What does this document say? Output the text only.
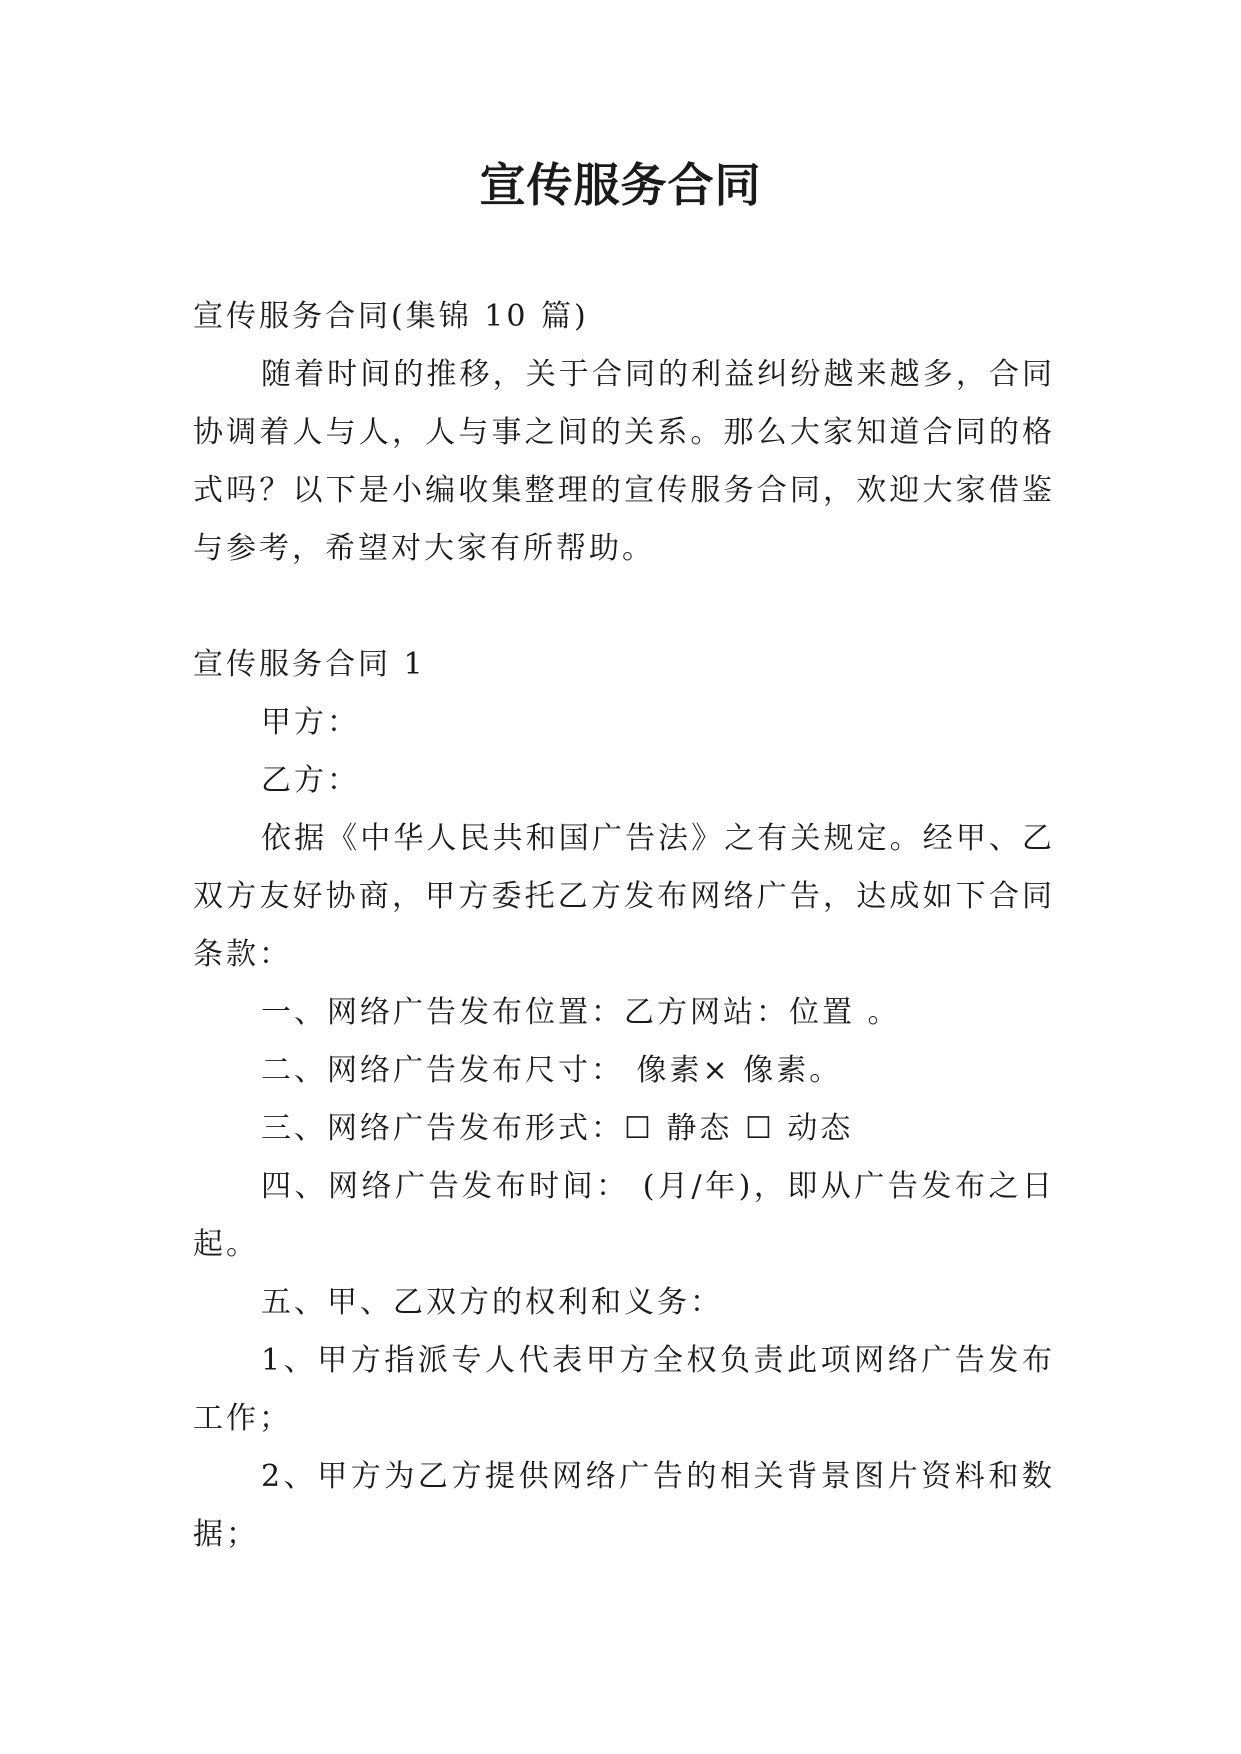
宣传服务合同

宣传服务合同(集锦 10 篇)

随着时间的推移，关于合同的利益纠纷越来越多，合同协调着人与人，人与事之间的关系。那么大家知道合同的格式吗？以下是小编收集整理的宣传服务合同，欢迎大家借鉴与参考，希望对大家有所帮助。

宣传服务合同 1

甲方：

乙方：

依据《中华人民共和国广告法》之有关规定。经甲、乙双方友好协商，甲方委托乙方发布网络广告，达成如下合同条款：

一、网络广告发布位置：乙方网站：位置 。

二、网络广告发布尺寸： 像素× 像素。

三、网络广告发布形式：☐ 静态 ☐ 动态

四、网络广告发布时间： (月/年)，即从广告发布之日起。

五、甲、乙双方的权利和义务：

1、甲方指派专人代表甲方全权负责此项网络广告发布工作；

2、甲方为乙方提供网络广告的相关背景图片资料和数据；
